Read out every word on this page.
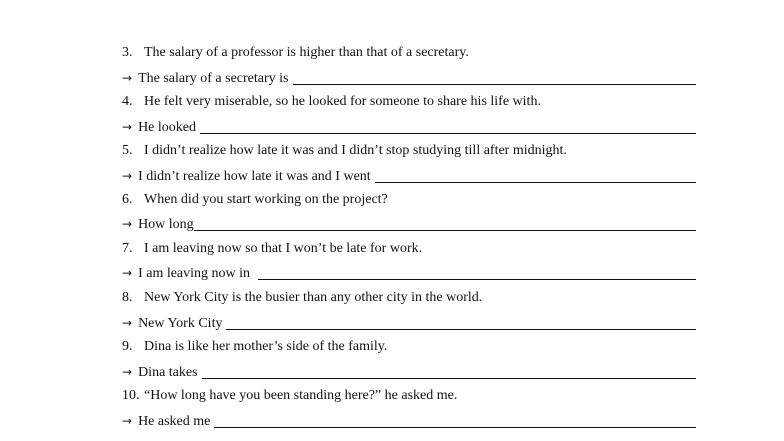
3. The salary of a professor is higher than that of a secretary.
→ The salary of a secretary is
4. He felt very miserable, so he looked for someone to share his life with.
→ He looked
5. I didn’t realize how late it was and I didn’t stop studying till after midnight.
→ I didn’t realize how late it was and I went
6. When did you start working on the project?
→ How long
7. I am leaving now so that I won’t be late for work.
→ I am leaving now in
8. New York City is the busier than any other city in the world.
→ New York City
9. Dina is like her mother’s side of the family.
→ Dina takes
10. “How long have you been standing here?” he asked me.
→ He asked me
